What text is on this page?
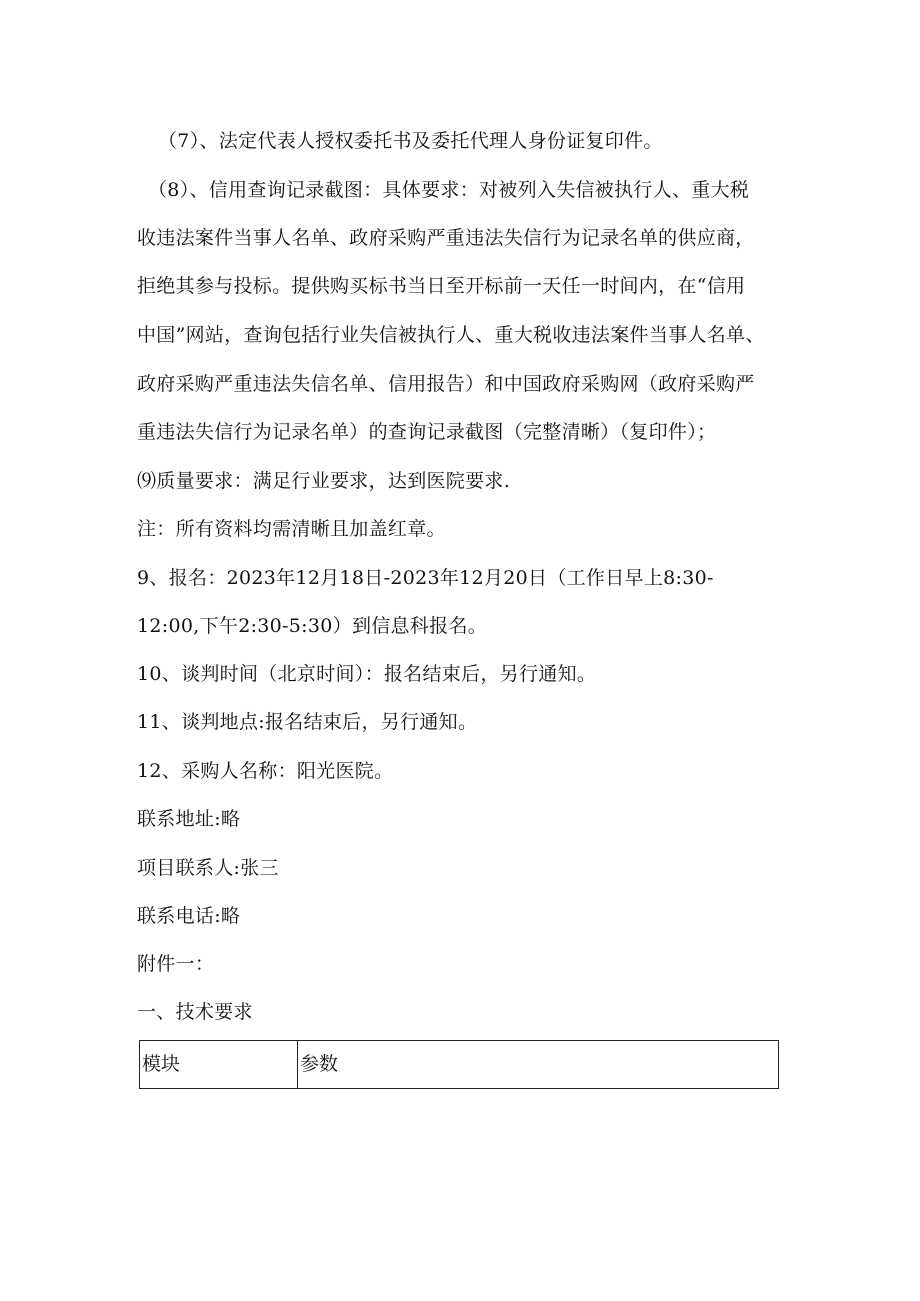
（7）、法定代表人授权委托书及委托代理人身份证复印件。
（8）、信用查询记录截图：具体要求：对被列入失信被执行人、重大税
收违法案件当事人名单、政府采购严重违法失信行为记录名单的供应商，
拒绝其参与投标。提供购买标书当日至开标前一天任一时间内，在“信用
中国”网站，查询包括行业失信被执行人、重大税收违法案件当事人名单、
政府采购严重违法失信名单、信用报告）和中国政府采购网（政府采购严
重违法失信行为记录名单）的查询记录截图（完整清晰）（复印件）；
⑼质量要求：满足行业要求，达到医院要求.
注：所有资料均需清晰且加盖红章。
9、报名：2023年12月18日-2023年12月20日（工作日早上8:30-
12:00,下午2:30-5:30）到信息科报名。
10、谈判时间（北京时间）：报名结束后，另行通知。
11、谈判地点:报名结束后，另行通知。
12、采购人名称：阳光医院。
联系地址:略
项目联系人:张三
联系电话:略
附件一：
一、技术要求
模块	参数
